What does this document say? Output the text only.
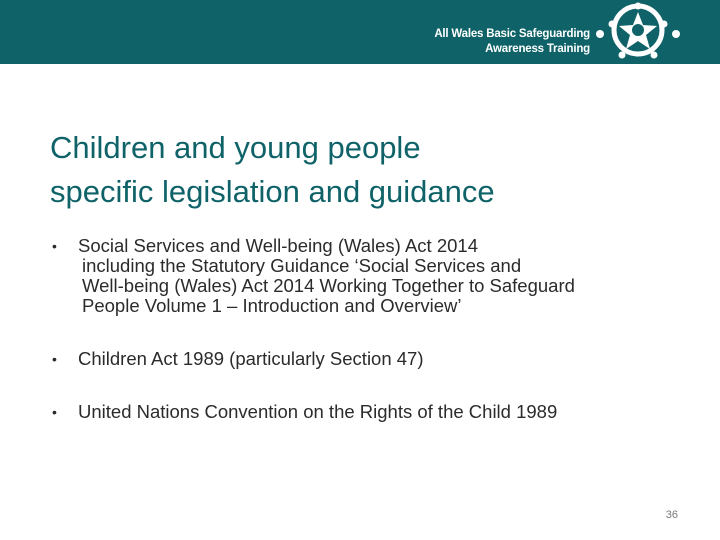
All Wales Basic Safeguarding
Awareness Training
Children and young people
specific legislation and guidance
• Social Services and Well-being (Wales) Act 2014
including the Statutory Guidance ‘Social Services and
Well-being (Wales) Act 2014 Working Together to Safeguard
People Volume 1 – Introduction and Overview’
• Children Act 1989 (particularly Section 47)
• United Nations Convention on the Rights of the Child 1989
36
